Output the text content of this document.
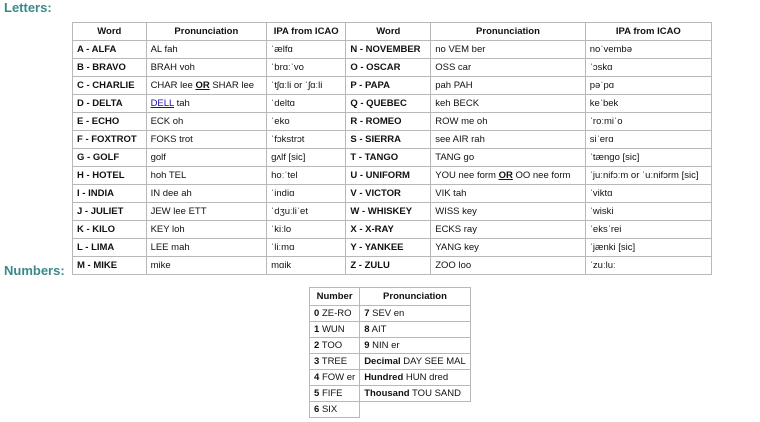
Letters:
Word	Pronunciation	IPA from ICAO	Word	Pronunciation	IPA from ICAO
A - ALFA	AL fah	ˈælfɑ	N - NOVEMBER	no VEM ber	noˈvembə
B - BRAVO	BRAH voh	ˈbrɑːˈvo	O - OSCAR	OSS car	ˈɔskɑ
C - CHARLIE	CHAR lee OR SHAR lee	ˈtʃɑːli or ˈʃɑːli	P - PAPA	pah PAH	pəˈpɑ
D - DELTA	DELL tah	ˈdeltɑ	Q - QUEBEC	keh BECK	keˈbek
E - ECHO	ECK oh	ˈeko	R - ROMEO	ROW me oh	ˈroːmiˈo
F - FOXTROT	FOKS trot	ˈfɔkstrɔt	S - SIERRA	see AIR rah	siˈerɑ
G - GOLF	golf	gʌlf [sic]	T - TANGO	TANG go	ˈtængo [sic]
H - HOTEL	hoh TEL	hoːˈtel	U - UNIFORM	YOU nee form OR OO nee form	ˈjuːnifɔːm or ˈuːnifɔrm [sic]
I - INDIA	IN dee ah	ˈindiɑ	V - VICTOR	VIK tah	ˈviktɑ
J - JULIET	JEW lee ETT	ˈdʒuːliˈet	W - WHISKEY	WISS key	ˈwiski
K - KILO	KEY loh	ˈkiːlo	X - X-RAY	ECKS ray	ˈeksˈrei
L - LIMA	LEE mah	ˈliːmɑ	Y - YANKEE	YANG key	ˈjænki [sic]
M - MIKE	mike	mɑik	Z - ZULU	ZOO loo	ˈzuːluː
Numbers:
Number	Pronunciation
0 ZE-RO	7 SEV en
1 WUN	8 AIT
2 TOO	9 NIN er
3 TREE	Decimal DAY SEE MAL
4 FOW er	Hundred HUN dred
5 FIFE	Thousand TOU SAND
6 SIX	
